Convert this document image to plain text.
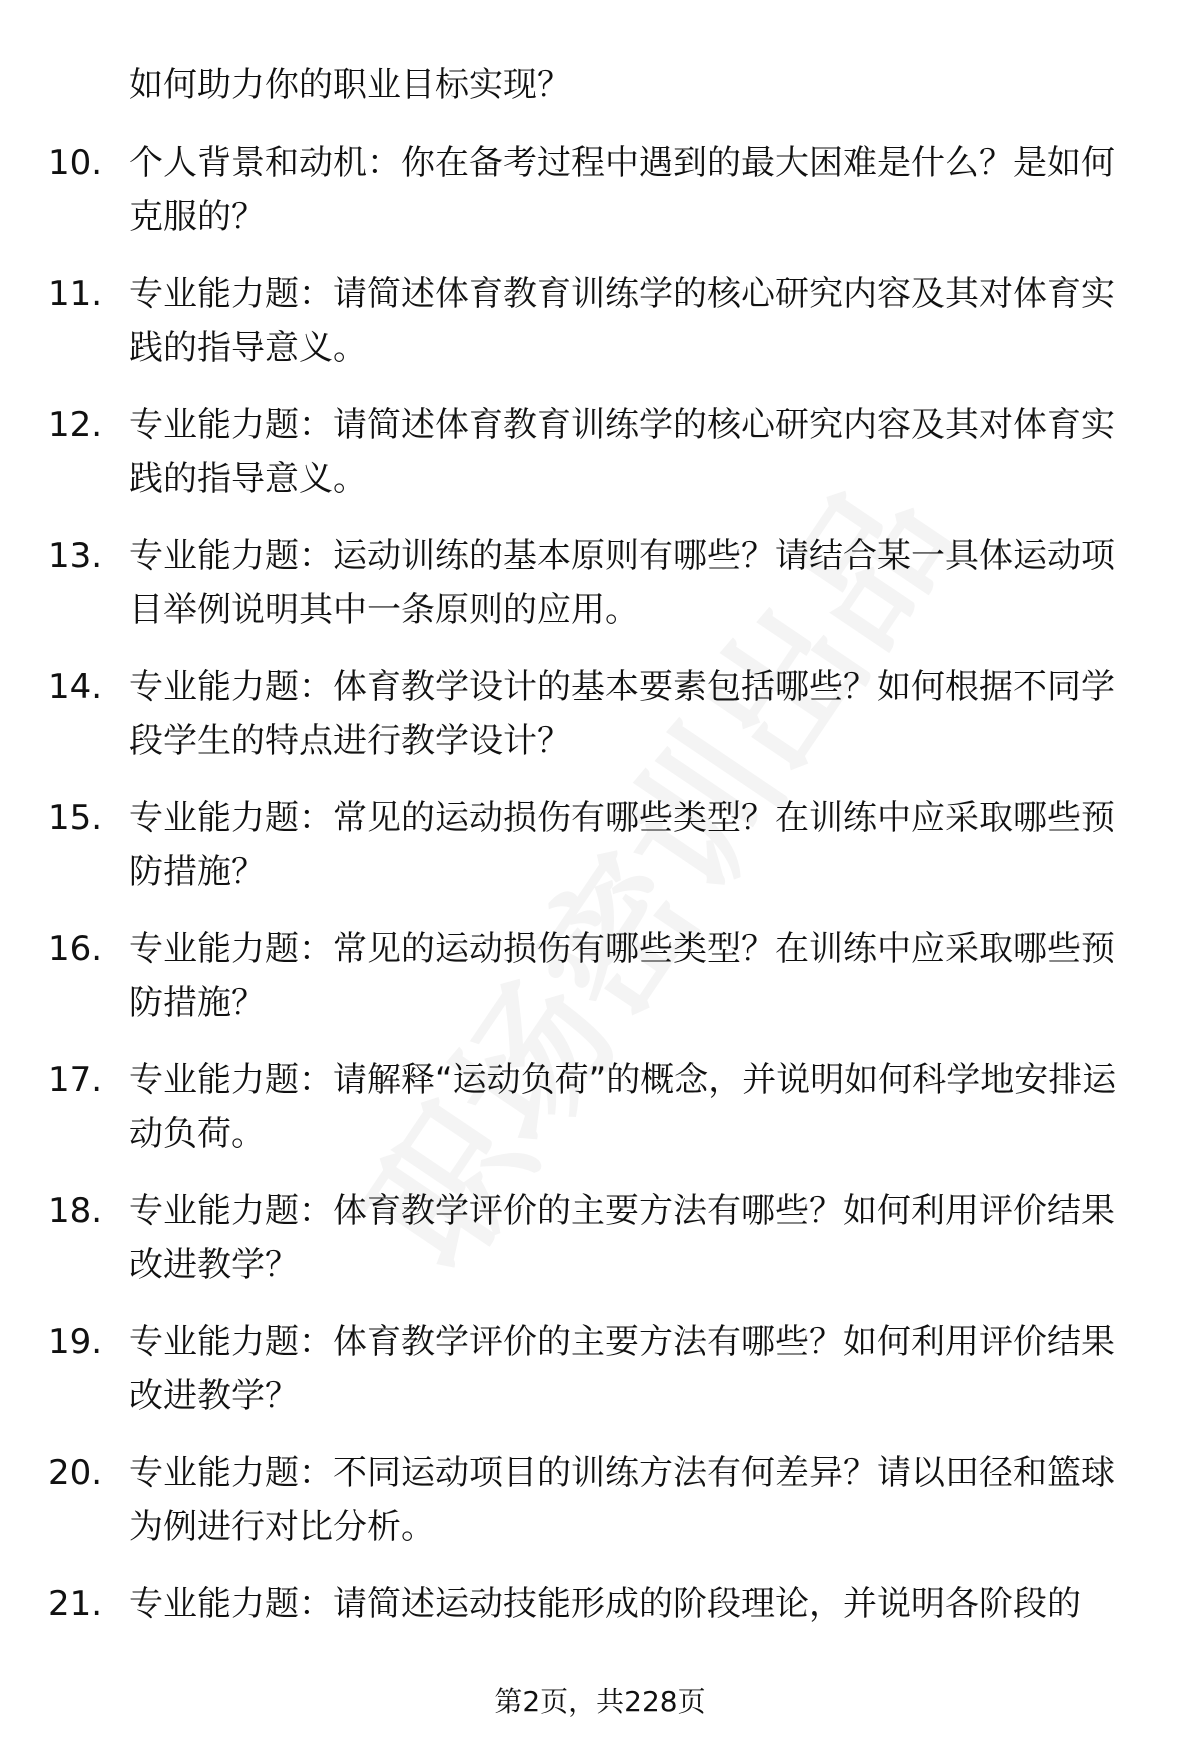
如何助力你的职业目标实现？
10. 个人背景和动机：你在备考过程中遇到的最大困难是什么？是如何克服的？
11. 专业能力题：请简述体育教育训练学的核心研究内容及其对体育实践的指导意义。
12. 专业能力题：请简述体育教育训练学的核心研究内容及其对体育实践的指导意义。
13. 专业能力题：运动训练的基本原则有哪些？请结合某一具体运动项目举例说明其中一条原则的应用。
14. 专业能力题：体育教学设计的基本要素包括哪些？如何根据不同学段学生的特点进行教学设计？
15. 专业能力题：常见的运动损伤有哪些类型？在训练中应采取哪些预防措施？
16. 专业能力题：常见的运动损伤有哪些类型？在训练中应采取哪些预防措施？
17. 专业能力题：请解释“运动负荷”的概念，并说明如何科学地安排运动负荷。
18. 专业能力题：体育教学评价的主要方法有哪些？如何利用评价结果改进教学？
19. 专业能力题：体育教学评价的主要方法有哪些？如何利用评价结果改进教学？
20. 专业能力题：不同运动项目的训练方法有何差异？请以田径和篮球为例进行对比分析。
21. 专业能力题：请简述运动技能形成的阶段理论，并说明各阶段的
第2页，共228页
